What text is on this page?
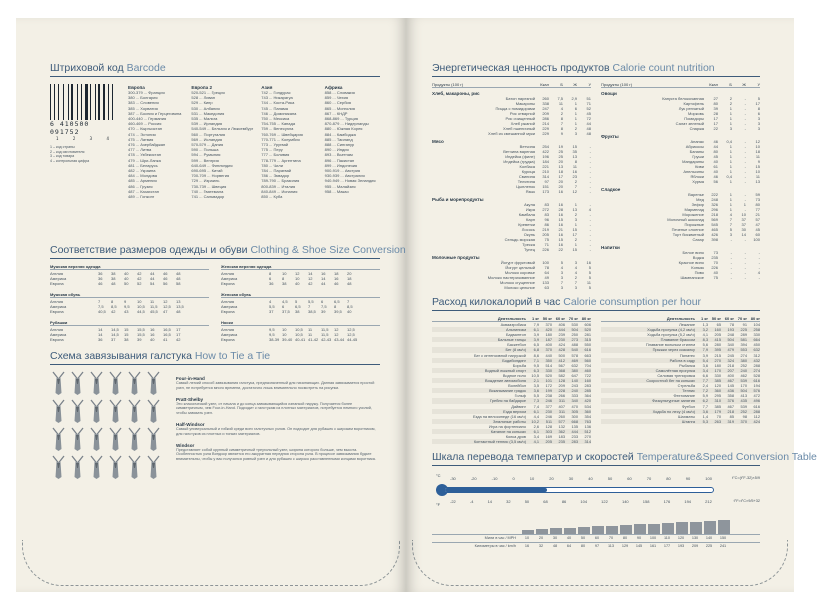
Штриховой код Barcode
6 410500 091752
1 2 3 4
1 – код страны
2 – код изготовителя
3 – код товара
4 – контрольная цифра
Европа
300-379 ... Франция
380 ... Болгария
383 ... Словения
385 ... Хорватия
387 ... Босния и Герцеговина
400-440 ... Германия
460-469 ... Россия
470 ... Кыргызстан
474 ... Эстония
475 ... Латвия
476 ... Азербайджан
477 ... Литва
478 ... Узбекистан
479 ... Шри-Ланка
481 ... Беларусь
482 ... Украина
484 ... Молдова
485 ... Армения
486 ... Грузия
487 ... Казахстан
489 ... Гонконг
Европа 2
520-521 ... Греция
528 ... Ливан
529 ... Кипр
530 ... Албания
531 ... Македония
535 ... Мальта
539 ... Ирландия
540-549 ... Бельгия и Люксембург
560 ... Португалия
569 ... Исландия
570-579 ... Дания
590 ... Польша
594 ... Румыния
599 ... Венгрия
640-649 ... Финляндия
690-695 ... Китай
700-709 ... Норвегия
729 ... Израиль
730-739 ... Швеция
740 ... Гватемала
741 ... Сальвадор
Азия
742 ... Гондурас
743 ... Никарагуа
744 ... Коста-Рика
745 ... Панама
746 ... Доминикана
750 ... Мексика
754-755 ... Канада
759 ... Венесуэла
760-769 ... Швейцария
770-771 ... Колумбия
773 ... Уругвай
775 ... Перу
777 ... Боливия
778-779 ... Аргентина
780 ... Чили
784 ... Парагвай
786 ... Эквадор
789-790 ... Бразилия
800-839 ... Италия
840-849 ... Испания
850 ... Куба
Африка
858 ... Словакия
859 ... Чехия
860 ... Сербия
865 ... Монголия
867 ... КНДР
868-869 ... Турция
870-879 ... Нидерланды
880 ... Южная Корея
884 ... Камбоджа
885 ... Таиланд
888 ... Сингапур
890 ... Индия
893 ... Вьетнам
896 ... Пакистан
899 ... Индонезия
900-919 ... Австрия
930-939 ... Австралия
940-949 ... Новая Зеландия
955 ... Малайзия
958 ... Макао
Соответствие размеров одежды и обуви Clothing & Shoe Size Conversion
Мужская верхняя одежда
Англия	36	38	40	42	44	46	48
Америка	36	38	40	42	44	46	48
Европа	46	48	50	52	54	56	58
Женская верхняя одежда
Англия	8	10	12	14	16	18	20
Америка	6	8	10	12	14	16	18
Европа	36	38	40	42	44	46	48
Мужская обувь
Англия	7	8	9	10	11	12	13
Америка	7,5	8,5	9,5	10,5	11,5	12,5	13,5
Европа	40,5	42	43	44,5	45,5	47	48
Женская обувь
Англия	4	4,5	5	5,5	6	6,5	7
Америка	5,5	6	6,5	7	7,5	8	8,5
Европа	37	37,5	38	38,5	39	39,5	40
Рубашки
Англия	14	14,5	15	15,5	16	16,5	17
Америка	14	14,5	15	15,5	16	16,5	17
Европа	36	37	38	39	40	41	42
Носки
Англия	9,5	10	10,5	11	11,5	12	12,5
Америка	9,5	10	10,5	11	11,5	12	12,5
Европа	38-39 39-40 40-41 41-42 42-43 43-44 44-45
Схема завязывания галстука How to Tie a Tie
Four-in-Hand
Самый легкий способ завязывания галстука, предназначенный для начинающих. Данная завязывается простой узел, не потребуется много времени, достаточно лишь внимательно посмотреть на рисунки.
Pratt-Shelby
Это классический узел, от начала и до конца завязывающийся изнанкой наружу. Получается более симметричным, чем Four-in-Hand. Подходит к галстукам из плотных материалов, потребуется немного усилий, чтобы завязать узел.
Half-Windsor
Самый универсальный и гибкий среди всех галстучных узлов. Он подходит для рубашек с широким воротником, для галстуков из плотных и тонких материалов.
Windsor
Представляет собой крупный симметричный треугольный узел, ширина которого больше, чем высота. Особенностью узла Виндзор является его аккуратная передняя сторона узла. В процессе завязывания будьте внимательны, чтобы у вас получился ровный узел и для рубашек с широко расставленными концами воротника.
Энергетическая ценность продуктов Calorie count nutrition
Продукты (100 г)	Ккал	Б	Ж	У
Хлеб, макароны, рис
Батон нарезной	260	7,5	2,9	51
Макароны	338	11	1	71
Пицца с помидорами	247	4	6	52
Рис отварной	209	2	1	45
Рис очищенный	286	8	1	72
Хлеб ржаной	214	7	1	44
Хлеб пшеничный	229	8	2	48
Хлеб из смешанной муки	229	9	3	48
Мясо
Ветчина	254	19	15	-
Ветчина вареная	422	25	35	-
Индейка (филе)	196	25	13	-
Индейка (грудка)	184	20	8	-
Колбаса	221	13	11	-
Курица	210	18	16	-
Свинина	314	17	23	-
Телятина	97	20	2	-
Цыпленок	151	20	7	-
Язык	173	16	12	-
Рыба и морепродукты
Акула	83	16	1	-
Икра	272	28	13	4
Камбала	83	16	2	-
Карп	96	15	3	-
Креветки	86	16	1	-
Лосось	219	21	15	-
Окунь	205	16	17	-
Сельдь морская	75	15	2	-
Треска	71	16	1	-
Тунец	226	22	15	-
Молочные продукты
Йогурт фруктовый	100	5	3	16
Йогурт цельный	78	4	4	5
Молоко коровье	64	3	4	5
Молоко пастеризованное	49	3	2	5
Молоко сгущенное	133	7	7	11
Молоко цельное	63	3	3	5
Продукты (100 г)	Ккал	Б	Ж	У
Овощи
Капуста белокочанная	27	2	-	5
Картофель	80	2	-	17
Лук репчатый	39	1	-	8
Морковь	28	1	-	6
Помидоры	17	1	-	3
Салат зеленый	17	1	-	3
Спаржа	22	3	-	3
Фрукты
Ананас	46	0,4	-	12
Абрикосы	44	1	-	10
Бананы	80	1	-	18
Груши	45	1	-	11
Мандарины	40	1	-	9
Киви	61	1	-	15
Апельсины	40	1	-	10
Яблоки	46	0,4	-	11
Хурма	56	1	-	13
Сладкое
Варенье	222	1	-	59
Мед	248	1	-	73
Зефир	326	1	1	80
Мармелад	296	1	-	77
Мороженое	218	4	10	21
Молочный шоколад	569	7	37	57
Пирожные	545	7	37	47
Печенье слоеное	465	5	30	45
Торт бисквитный	426	3	14	60
Сахар	398	-	-	100
Напитки
Белое вино	73	-	-	-
Водка	235	-	-	-
Красное вино	70	-	-	-
Коньяк	226	-	-	-
Пиво	40	-	-	4
Шампанское	75	-	-	-
Расход килокалорий в час Calorie consumption per hour
Деятельность	1 кг 50 кг 60 кг 70 кг 80 кг
Аквааэробика	7,9	370	406	530	606
Альпинизм	6,1	420	444	504	520
Бадминтон	3,9	180	239	250	281
Бальные танцы	3,9	187	230	273	315
Баскетбол	6,5	400	424	488	550
Бег (8 км/ч)	6,8	370	428	540	616
Бег с интенсивной нагрузкой	8,6	440	500	578	663
Бодибилдинг	7,1	350	412	469	560
Борьба	9,5	514	567	632	704
Водный лыжный спорт	6,3	330	368	380	460
Водное поло	10,5	520	582	647	722
Вождение автомобиля	2,1	101	128	140	160
Волейбол	3,5	172	209	243	283
Вскапывание грядок	3,6	199	228	240	285
Гольф	5,5	238	266	333	364
Гребля на байдарке	7,3	246	311	340	420
Дайвинг	7,4	377	407	470	534
Езда верхом	6,1	230	311	305	360
Езда на велосипеде (16 км/ч)	4,4	246	260	300	354
Земляные работы	10,2	511	577	668	763
Игра на фортепиано	2,6	128	132	135	136
Катание на коньках	6,1	303	362	444	512
Колка дров	3,4	169	183	233	270
Контактный теннис (3,5 км/ч)	4,1	205	235	283	314
Деятельность	1 кг 50 кг 60 кг 70 кг 80 кг
Лежание	1,3	65	78	91	104
Ходьба прогулка (4,2 км/ч)	3,2	160	193	225	258
Ходьба прогулка (5,2 км/ч)	4,1	205	248	289	330
Плавание брассом	8,3	415	504	581	664
Плавание вольным стилем	5,6	280	340	394	450
Прыжки через скакалку	7,9	395	479	553	632
Пилатес	3,9	215	245	274	312
Работа в саду	5,4	270	324	380	432
Рыбалка	3,6	180	218	252	288
Самолётная прогулка	3,4	170	207	240	274
Силовая тренировка	6,6	330	400	462	528
Скоростной бег на коньках	7,7	385	467	539	616
Стрельба	2,4	120	145	170	194
Теннис	7,2	360	436	504	576
Фехтование	5,9	295	358	413	472
Физкультурные занятия	6,2	310	376	435	496
Футбол	7,7	385	467	539	616
Ходьба по лесу (4 км/ч)	3,6	179	218	252	288
Шахматы	1,4	70	85	98	112
Штанга	5,3	263	319	370	424
Шкала перевода температур и скоростей Temperature&Speed Conversion Table
°C
°F
-30	-20	-10	0	10	20	30	40	50	60	70	80	90	100
-22	-4	14	32	50	68	86	104	122	140	158	176	194	212
t°C=(t°F-32)×5/9
t°F=t°C×9/5+32
Мили в час / MPH	10	20	30	40	50	60	70	80	90	100	110	120	130	140	150
Километры в час / km/h	16	32	48	64	80	97	113	129	145	161	177	193	209	225	241
